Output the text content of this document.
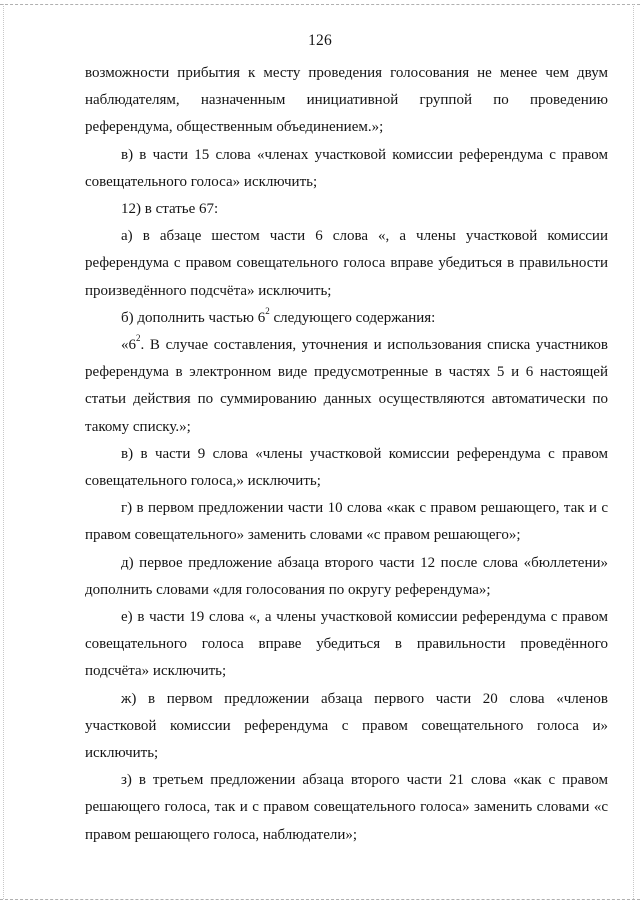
126

возможности прибытия к месту проведения голосования не менее чем двум наблюдателям, назначенным инициативной группой по проведению референдума, общественным объединением.»;

в) в части 15 слова «членах участковой комиссии референдума с правом совещательного голоса» исключить;

12) в статье 67:

а) в абзаце шестом части 6 слова «, а члены участковой комиссии референдума с правом совещательного голоса вправе убедиться в правильности произведённого подсчёта» исключить;

б) дополнить частью $6^2$ следующего содержания:

«$6^2$. В случае составления, уточнения и использования списка участников референдума в электронном виде предусмотренные в частях 5 и 6 настоящей статьи действия по суммированию данных осуществляются автоматически по такому списку.»;

в) в части 9 слова «члены участковой комиссии референдума с правом совещательного голоса,» исключить;

г) в первом предложении части 10 слова «как с правом решающего, так и с правом совещательного» заменить словами «с правом решающего»;

д) первое предложение абзаца второго части 12 после слова «бюллетени» дополнить словами «для голосования по округу референдума»;

е) в части 19 слова «, а члены участковой комиссии референдума с правом совещательного голоса вправе убедиться в правильности проведённого подсчёта» исключить;

ж) в первом предложении абзаца первого части 20 слова «членов участковой комиссии референдума с правом совещательного голоса и» исключить;

з) в третьем предложении абзаца второго части 21 слова «как с правом решающего голоса, так и с правом совещательного голоса» заменить словами «с правом решающего голоса, наблюдатели»;
